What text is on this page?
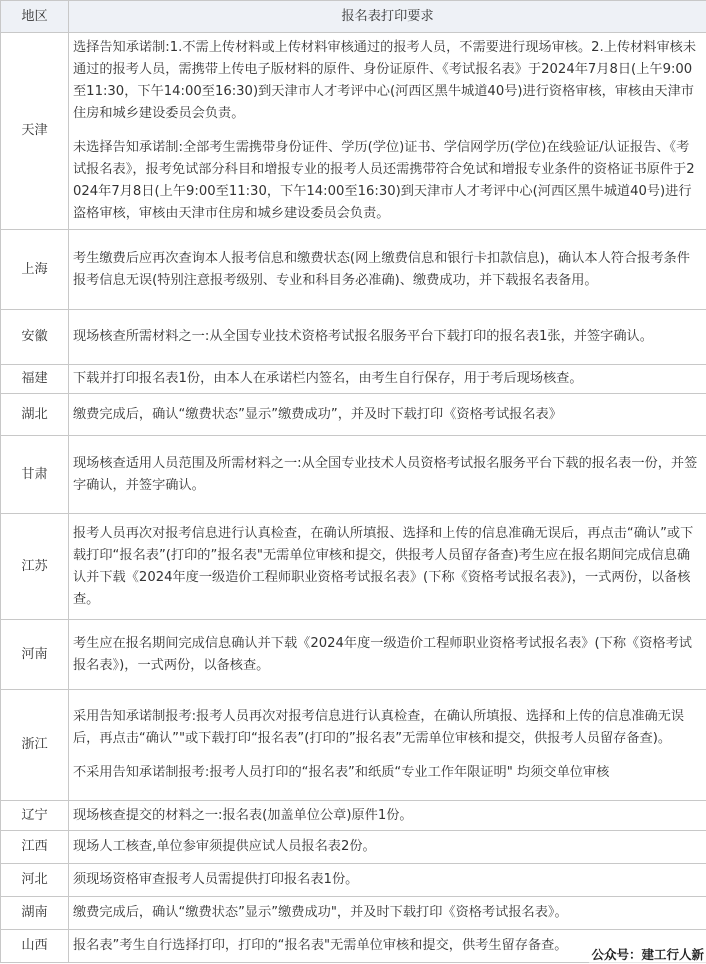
地区	报名表打印要求
天津	选择告知承诺制:1.不需上传材料或上传材料审核通过的报考人员，不需要进行现场审核。2.上传材料审核未通过的报考人员，需携带上传电子版材料的原件、身份证原件、《考试报名表》于2024年7月8日(上午9:00至11:30，下午14:00至16:30)到天津市人才考评中心(河西区黑牛城道40号)进行资格审核，审核由天津市住房和城乡建设委员会负责。
未选择告知承诺制:全部考生需携带身份证件、学历(学位)证书、学信网学历(学位)在线验证/认证报告、《考试报名表》，报考免试部分科目和增报专业的报考人员还需携带符合免试和增报专业条件的资格证书原件于2024年7月8日(上午9:00至11:30，下午14:00至16:30)到天津市人才考评中心(河西区黑牛城道40号)进行盗格审核，审核由天津市住房和城乡建设委员会负责。

上海	考生缴费后应再次查询本人报考信息和缴费状态(网上缴费信息和银行卡扣款信息)，确认本人符合报考条件报考信息无误(特别注意报考级别、专业和科目务必准确)、缴费成功，并下载报名表备用。

安徽	现场核查所需材料之一:从全国专业技术资格考试报名服务平台下载打印的报名表1张，并签字确认。

福建	下载并打印报名表1份，由本人在承诺栏内签名，由考生自行保存，用于考后现场核查。

湖北	缴费完成后，确认“缴费状态”显示”缴费成功”，并及时下载打印《资格考试报名表》

甘肃	现场核查适用人员范围及所需材料之一:从全国专业技术人员资格考试报名服务平台下载的报名表一份，并签字确认，并签字确认。

江苏	报考人员再次对报考信息进行认真检查，在确认所填报、选择和上传的信息准确无误后，再点击“确认”或下载打印“报名表”(打印的”报名表"无需单位审核和提交，供报考人员留存备查)考生应在报名期间完成信息确认并下载《2024年度一级造价工程师职业资格考试报名表》(下称《资格考试报名表》)，一式两份，以备核查。

河南	考生应在报名期间完成信息确认并下载《2024年度一级造价工程师职业资格考试报名表》(下称《资格考试报名表》)，一式两份，以备核查。

浙江	采用告知承诺制报考:报考人员再次对报考信息进行认真检查，在确认所填报、选择和上传的信息准确无误后，再点击“确认”"或下载打印“报名表”(打印的”报名表”无需单位审核和提交，供报考人员留存备查)。
不采用告知承诺制报考:报考人员打印的“报名表”和纸质“专业工作年限证明" 均须交单位审核

辽宁	现场核查提交的材料之一:报名表(加盖单位公章)原件1份。

江西	现场人工核查,单位参审须提供应试人员报名表2份。

河北	须现场资格审查报考人员需提供打印报名表1份。

湖南	缴费完成后，确认“缴费状态”显示”缴费成功"，并及时下载打印《资格考试报名表》。

山西	报名表”考生自行选择打印，打印的“报名表"无需单位审核和提交，供考生留存备查。
公众号：建工行人新
